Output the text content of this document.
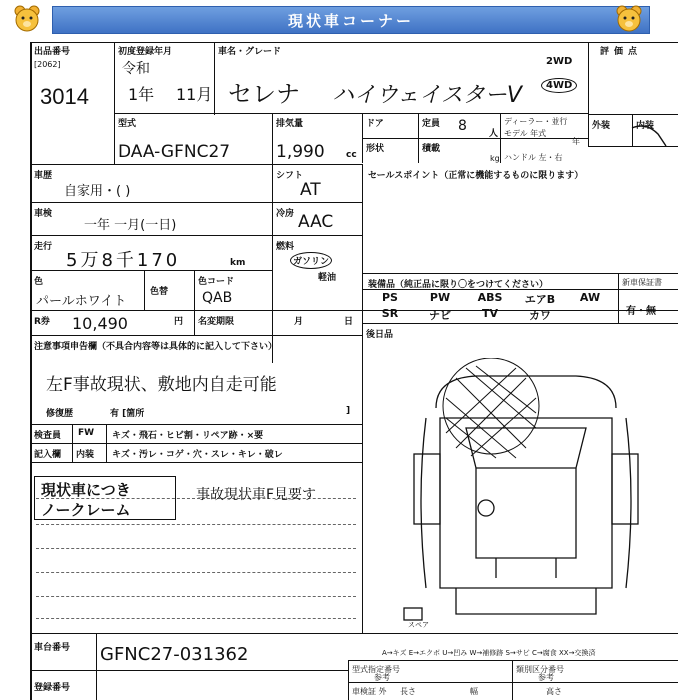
現状車コーナー
出品番号
[2062]
3014
初度登録年月
令和
1年 11月
車名・グレード
セレナ ハイウェイスターV
2WD
4WD
評価点
外装	内装
型式
DAA-GFNC27
排気量
1,990 cc
ドア	定員 8 人
ディーラー・並行
モデル 年式
年
形状	積載
kg ハンドル 左・右
車歴
自家用・( )
車検
一年 一月(一日)
走行
5万8千170	km
色
パールホワイト
色替
色コード
QAB
シフト
AT
冷房 AAC
燃料
ガソリン
軽油
R券 10,490	円 名変期限	月	日
セールスポイント（正常に機能するものに限ります）
装備品（純正品に限り〇をつけてください）	新車保証書
有・無
PS	PW	ABS	エアB	AW
SR	ナビ	TV	カワ
後日品
注意事項申告欄（不具合内容等は具体的に記入して下さい）
左F事故現状、敷地内自走可能
修復歴	有 [箇所	]
検査員 FW キズ・飛石・ヒビ割・リペア跡・×要
記入欄 内装 キズ・汚レ・コゲ・穴・スレ・キレ・破レ
現状車につき
ノークレーム
事故現状車F見要す
スペア
A→キズ E→エクボ U→凹み W→補修跡 S→サビ C→腐食 XX→交換済
車台番号 GFNC27-031362
登録番号
型式指定番号
参考
類別区分番号
参考
車検証 外 長さ	幅	高さ
